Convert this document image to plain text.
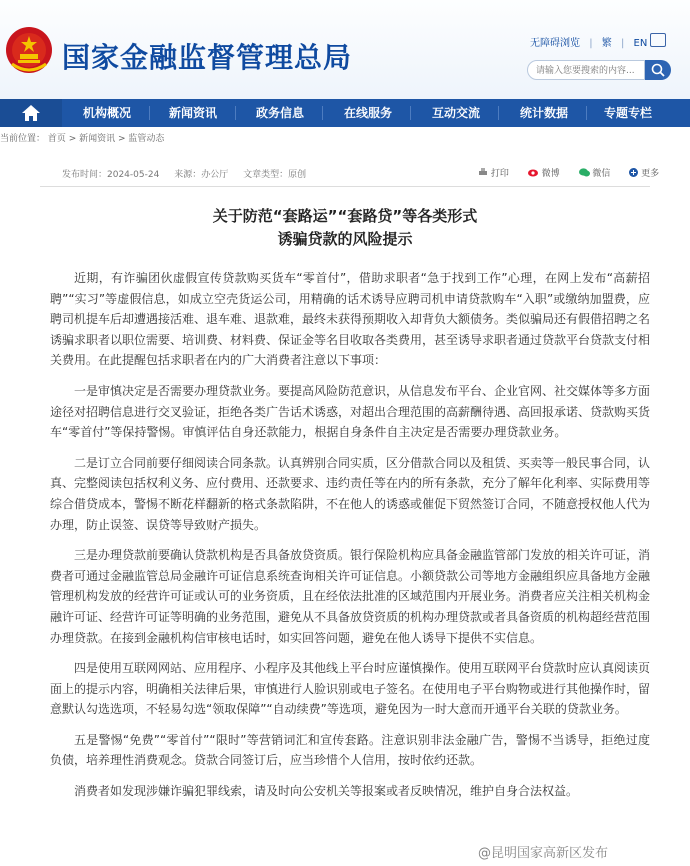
国家金融监督管理总局	无障碍浏览 | 繁 | EN
请输入您要搜索的内容...
机构概况	新闻资讯	政务信息	在线服务	互动交流	统计数据	专题专栏
当前位置： 首页 > 新闻资讯 > 监管动态
发布时间：2024-05-24 来源：办公厅 文章类型：原创	打印	微博	微信	更多
关于防范“套路运”“套路贷”等各类形式
诱骗贷款的风险提示

近期，有诈骗团伙虚假宣传贷款购买货车“零首付”，借助求职者“急于找到工作”心理，在网上发布“高薪招聘”“实习”等虚假信息，如成立空壳货运公司，用精确的话术诱导应聘司机申请贷款购车“入职”或缴纳加盟费，应聘司机提车后却遭遇接活难、退车难、退款难，最终未获得预期收入却背负大额债务。类似骗局还有假借招聘之名诱骗求职者以职位需要、培训费、材料费、保证金等名目收取各类费用，甚至诱导求职者通过贷款平台贷款支付相关费用。在此提醒包括求职者在内的广大消费者注意以下事项：

一是审慎决定是否需要办理贷款业务。要提高风险防范意识，从信息发布平台、企业官网、社交媒体等多方面途径对招聘信息进行交叉验证，拒绝各类广告话术诱惑，对超出合理范围的高薪酬待遇、高回报承诺、贷款购买货车“零首付”等保持警惕。审慎评估自身还款能力，根据自身条件自主决定是否需要办理贷款业务。

二是订立合同前要仔细阅读合同条款。认真辨别合同实质，区分借款合同以及租赁、买卖等一般民事合同，认真、完整阅读包括权利义务、应付费用、还款要求、违约责任等在内的所有条款，充分了解年化利率、实际费用等综合借贷成本，警惕不断花样翻新的格式条款陷阱，不在他人的诱惑或催促下贸然签订合同，不随意授权他人代为办理，防止误签、误贷等导致财产损失。

三是办理贷款前要确认贷款机构是否具备放贷资质。银行保险机构应具备金融监管部门发放的相关许可证，消费者可通过金融监管总局金融许可证信息系统查询相关许可证信息。小额贷款公司等地方金融组织应具备地方金融管理机构发放的经营许可证或认可的业务资质，且在经依法批准的区域范围内开展业务。消费者应关注相关机构金融许可证、经营许可证等明确的业务范围，避免从不具备放贷资质的机构办理贷款或者具备资质的机构超经营范围办理贷款。在接到金融机构信审核电话时，如实回答问题，避免在他人诱导下提供不实信息。

四是使用互联网网站、应用程序、小程序及其他线上平台时应谨慎操作。使用互联网平台贷款时应认真阅读页面上的提示内容，明确相关法律后果，审慎进行人脸识别或电子签名。在使用电子平台购物或进行其他操作时，留意默认勾选选项，不轻易勾选“领取保障”“自动续费”等选项，避免因为一时大意而开通平台关联的贷款业务。

五是警惕“免费”“零首付”“限时”等营销词汇和宣传套路。注意识别非法金融广告，警惕不当诱导，拒绝过度负债，培养理性消费观念。贷款合同签订后，应当珍惜个人信用，按时依约还款。

消费者如发现涉嫌诈骗犯罪线索，请及时向公安机关等报案或者反映情况，维护自身合法权益。

@昆明国家高新区发布
